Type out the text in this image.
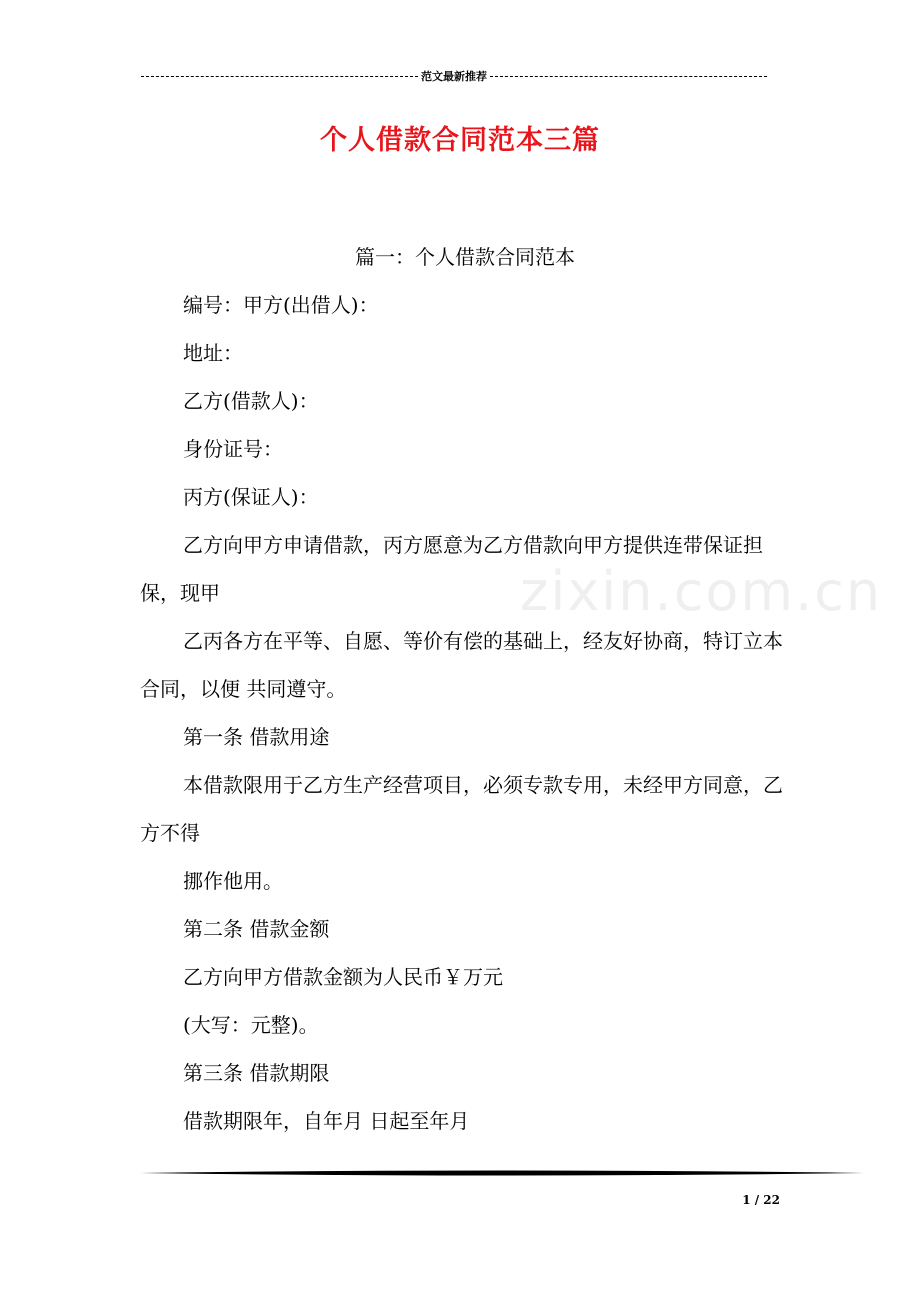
范文最新推荐
个人借款合同范本三篇
zixin.com.cn

篇一：个人借款合同范本

编号：甲方(出借人)：

地址：

乙方(借款人)：

身份证号：

丙方(保证人)：

乙方向甲方申请借款，丙方愿意为乙方借款向甲方提供连带保证担保，现甲

乙丙各方在平等、自愿、等价有偿的基础上，经友好协商，特订立本合同，以便 共同遵守。

第一条 借款用途

本借款限用于乙方生产经营项目，必须专款专用，未经甲方同意，乙方不得

挪作他用。

第二条 借款金额

乙方向甲方借款金额为人民币￥万元

(大写：元整)。

第三条 借款期限

借款期限年，自年月 日起至年月

1 / 22
